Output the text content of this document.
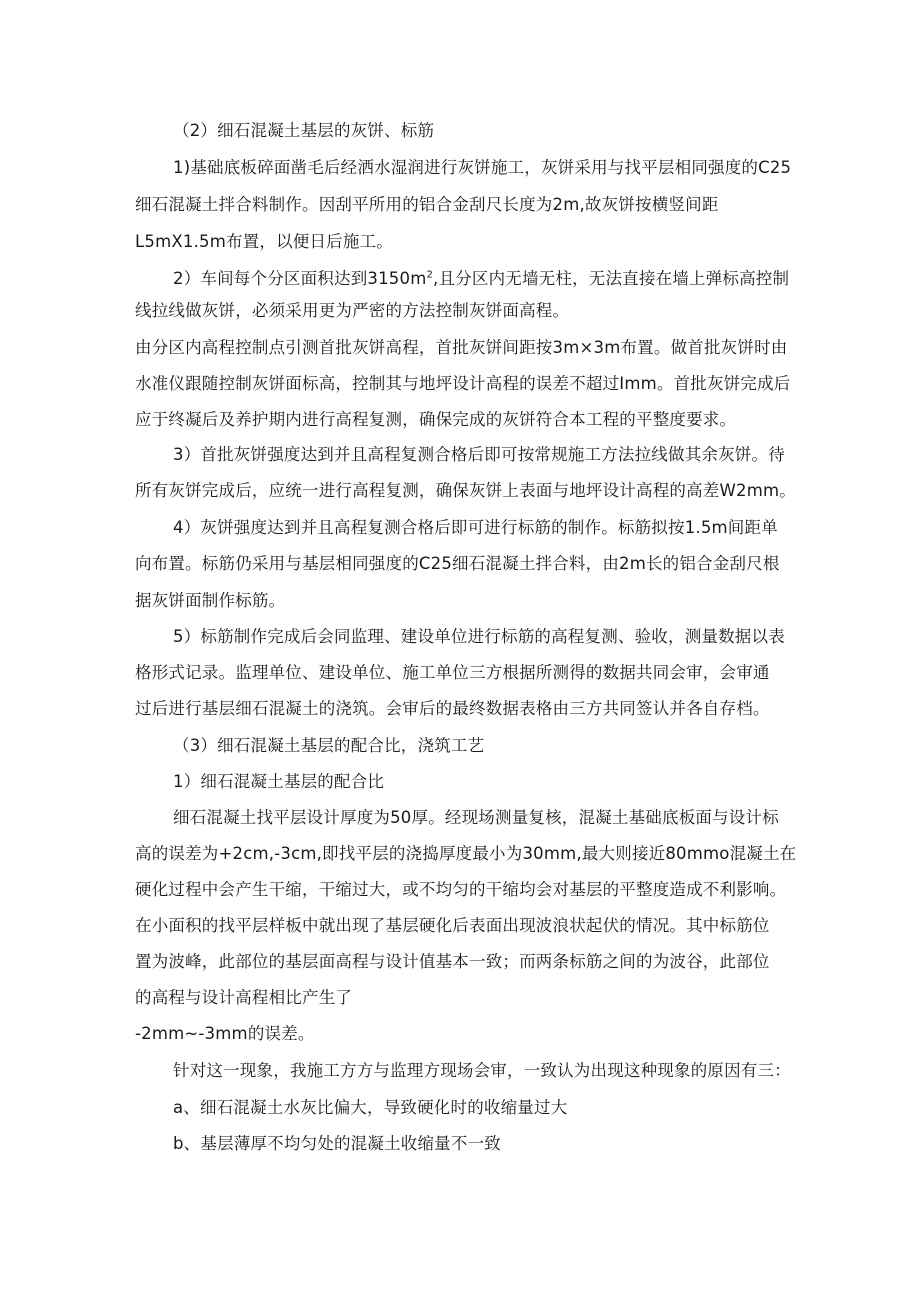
（2）细石混凝土基层的灰饼、标筋
1)基础底板碎面凿毛后经洒水湿润进行灰饼施工，灰饼采用与找平层相同强度的C25
细石混凝土拌合料制作。因刮平所用的铝合金刮尺长度为2m,故灰饼按横竖间距
L5mX1.5m布置，以便日后施工。
2）车间每个分区面积达到$3150m^2$,且分区内无墙无柱，无法直接在墙上弹标高控制
线拉线做灰饼，必须采用更为严密的方法控制灰饼面高程。
由分区内高程控制点引测首批灰饼高程，首批灰饼间距按3m×3m布置。做首批灰饼时由
水准仪跟随控制灰饼面标高，控制其与地坪设计高程的误差不超过Imm。首批灰饼完成后
应于终凝后及养护期内进行高程复测，确保完成的灰饼符合本工程的平整度要求。
3）首批灰饼强度达到并且高程复测合格后即可按常规施工方法拉线做其余灰饼。待
所有灰饼完成后，应统一进行高程复测，确保灰饼上表面与地坪设计高程的高差W2mm。
4）灰饼强度达到并且高程复测合格后即可进行标筋的制作。标筋拟按1.5m间距单
向布置。标筋仍采用与基层相同强度的C25细石混凝土拌合料，由2m长的铝合金刮尺根
据灰饼面制作标筋。
5）标筋制作完成后会同监理、建设单位进行标筋的高程复测、验收，测量数据以表
格形式记录。监理单位、建设单位、施工单位三方根据所测得的数据共同会审，会审通
过后进行基层细石混凝土的浇筑。会审后的最终数据表格由三方共同签认并各自存档。
（3）细石混凝土基层的配合比，浇筑工艺
1）细石混凝土基层的配合比
细石混凝土找平层设计厚度为50厚。经现场测量复核，混凝土基础底板面与设计标
高的误差为+2cm,-3cm,即找平层的浇捣厚度最小为30mm,最大则接近80mmo混凝土在
硬化过程中会产生干缩，干缩过大，或不均匀的干缩均会对基层的平整度造成不利影响。
在小面积的找平层样板中就出现了基层硬化后表面出现波浪状起伏的情况。其中标筋位
置为波峰，此部位的基层面高程与设计值基本一致；而两条标筋之间的为波谷，此部位
的高程与设计高程相比产生了
-2mm~-3mm的误差。
针对这一现象，我施工方方与监理方现场会审，一致认为出现这种现象的原因有三：
a、细石混凝土水灰比偏大，导致硬化时的收缩量过大
b、基层薄厚不均匀处的混凝土收缩量不一致
